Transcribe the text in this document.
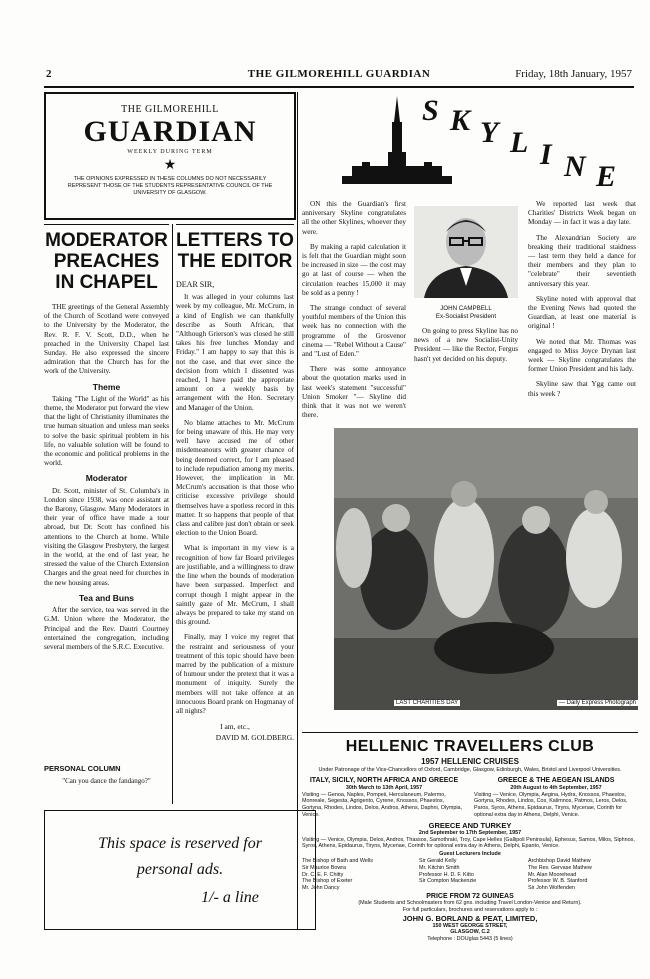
2	THE GILMOREHILL GUARDIAN	Friday, 18th January, 1957
THE GILMOREHILL
GUARDIAN
WEEKLY DURING TERM
★
THE OPINIONS EXPRESSED IN THESE COLUMNS DO NOT NECESSARILY REPRESENT THOSE OF THE STUDENTS REPRESENTATIVE COUNCIL OF THE UNIVERSITY OF GLASGOW.
MODERATOR PREACHES IN CHAPEL

THE greetings of the General Assembly of the Church of Scotland were conveyed to the University by the Moderator, the Rev. R. F. V. Scott, D.D., when he preached in the University Chapel last Sunday. He also expressed the sincere admiration that the Church has for the work of the University.

Theme

Taking "The Light of the World" as his theme, the Moderator put forward the view that the light of Christianity illuminates the true human situation and unless man seeks to solve the basic spiritual problem in his life, no valuable solution will be found to the economic and political problems in the world.

Moderator

Dr. Scott, minister of St. Columba's in London since 1938, was once assistant at the Barony, Glasgow. Many Moderators in their year of office have made a tour abroad, but Dr. Scott has confined his attentions to the Church at home. While visiting the Glasgow Presbytery, the largest in the world, at the end of last year, he stressed the value of the Church Extension Charges and the great need for churches in the new housing areas.

Tea and Buns

After the service, tea was served in the G.M. Union where the Moderator, the Principal and the Rev. Dautri Courtney entertained the congregation, including several members of the S.R.C. Executive.

PERSONAL COLUMN
"Can you dance the fandango?"
LETTERS TO THE EDITOR
DEAR SIR,

It was alleged in your columns last week by my colleague, Mr. McCrum, in a kind of English we can thankfully describe as South African, that "Although Grierson's was closed he still takes his free lunches Monday and Friday." I am happy to say that this is not the case, and that ever since the decision from which I dissented was reached, I have paid the appropriate amount on a weekly basis by arrangement with the Hon. Secretary and Manager of the Union.

No blame attaches to Mr. McCrum for being unaware of this. He may very well have accused me of other misdemeanours with greater chance of being deemed correct, for I am pleased to include repudiation among my merits. However, the implication in Mr. McCrum's accusation is that those who criticise excessive privilege should themselves have a spotless record in this matter. It so happens that people of that class and calibre just don't obtain or seek election to the Union Board.

What is important in my view is a recognition of how far Board privileges are justifiable, and a willingness to draw the line when the bounds of moderation have been surpassed. Imperfect and corrupt though I might appear in the saintly gaze of Mr. McCrum, I shall always be prepared to take my stand on this ground.

Finally, may I voice my regret that the restraint and seriousness of your treatment of this topic should have been marred by the publication of a mixture of humour under the pretext that it was a monument of iniquity. Surely the members will not take offence at an innocuous Board prank on Hogmanay of all nights?

I am, etc.,
DAVID M. GOLDBERG.
This space is reserved for
personal ads.
1/- a line
S K Y L I N E

ON this the Guardian's first anniversary Skyline congratulates all the other Skylines, whoever they were.

By making a rapid calculation it is felt that the Guardian might soon be increased in size — the cost may go at last of course — when the circulation reaches 15,000 it may be sold as a penny !

The strange conduct of several youthful members of the Union this week has no connection with the programme of the Grosvenor cinema — "Rebel Without a Cause" and "Lust of Eden."

There was some annoyance about the quotation marks used in last week's statement "successful" Union Smoker "— Skyline did think that it was not we weren't there.

JOHN CAMPBELL
Ex-Socialist President

On going to press Skyline has no news of a new Socialist-Unity President — like the Rector, Fergus hasn't yet decided on his deputy.

We reported last week that Charities' Districts Week began on Monday — in fact it was a day late.

The Alexandrian Society are breaking their traditional staidness — last term they held a dance for their members and they plan to "celebrate" their seventieth anniversary this year.

Skyline noted with approval that the Evening News had quoted the Guardian, at least one material is original !

We noted that Mr. Thomas was engaged to Miss Joyce Drynan last week — Skyline congratulates the former Union President and his lady.

Skyline saw that Ygg came out this week ?

LAST CHARITIES DAY	— Daily Express Photograph
HELLENIC TRAVELLERS CLUB
1957 HELLENIC CRUISES
Under Patronage of the Vice-Chancellors of Oxford, Cambridge, Glasgow, Edinburgh, Wales, Bristol and Liverpool Universities.
ITALY, SICILY, NORTH AFRICA AND GREECE
30th March to 13th April, 1957
Visiting — Genoa, Naples, Pompeii, Herculaneum, Palermo, Monreale, Segesta, Agrigento, Cyrene, Knossos, Phaestos, Gortyna, Rhodes, Lindos, Delos, Andros, Athens, Daphni, Olympia, Venice.
GREECE & THE AEGEAN ISLANDS
20th August to 4th September, 1957
Visiting — Venice, Olympia, Aegina, Hydra, Knossos, Phaestos, Gortyna, Rhodes, Lindos, Cos, Kalimnos, Patmos, Leros, Delos, Paros, Syros, Athens, Epidaurus, Tiryns, Mycenae, Corinth for optional extra day in Athens, Delphi, Venice.
GREECE AND TURKEY
2nd September to 17th September, 1957
Visiting — Venice, Olympia, Delos, Andros, Thassos, Samothraki, Troy, Cape Helles (Gallipoli Peninsula), Ephesus, Samos, Milos, Siphnos, Syros, Athens, Epidaurus, Tiryns, Mycenae, Corinth for optional extra day in Athens, Delphi, Epanto, Venice.
Guest Lecturers Include
The Bishop of Bath and Wells
Sir Maurice Bowra
Dr. C. E. F. Chitty
The Bishop of Exeter
Mr. John Dancy
Sir Gerald Kelly
Mr. Kitchin Smith
Professor H. D. F. Kitto
Sir Compton Mackenzie
Archbishop David Mathew
The Rev. Gervase Mathew
Mr. Alan Moorehead
Professor W. B. Stanford
Sir John Wolfenden
PRICE FROM 72 GUINEAS
(Male Students and Schoolmasters from 62 gns. including Travel London-Venice and Return).
For full particulars, brochures and reservations apply to :
JOHN G. BORLAND & PEAT, LIMITED,
150 WEST GEORGE STREET,
GLASGOW, C.2
Telephone : DOUglas 5443 (5 lines)
